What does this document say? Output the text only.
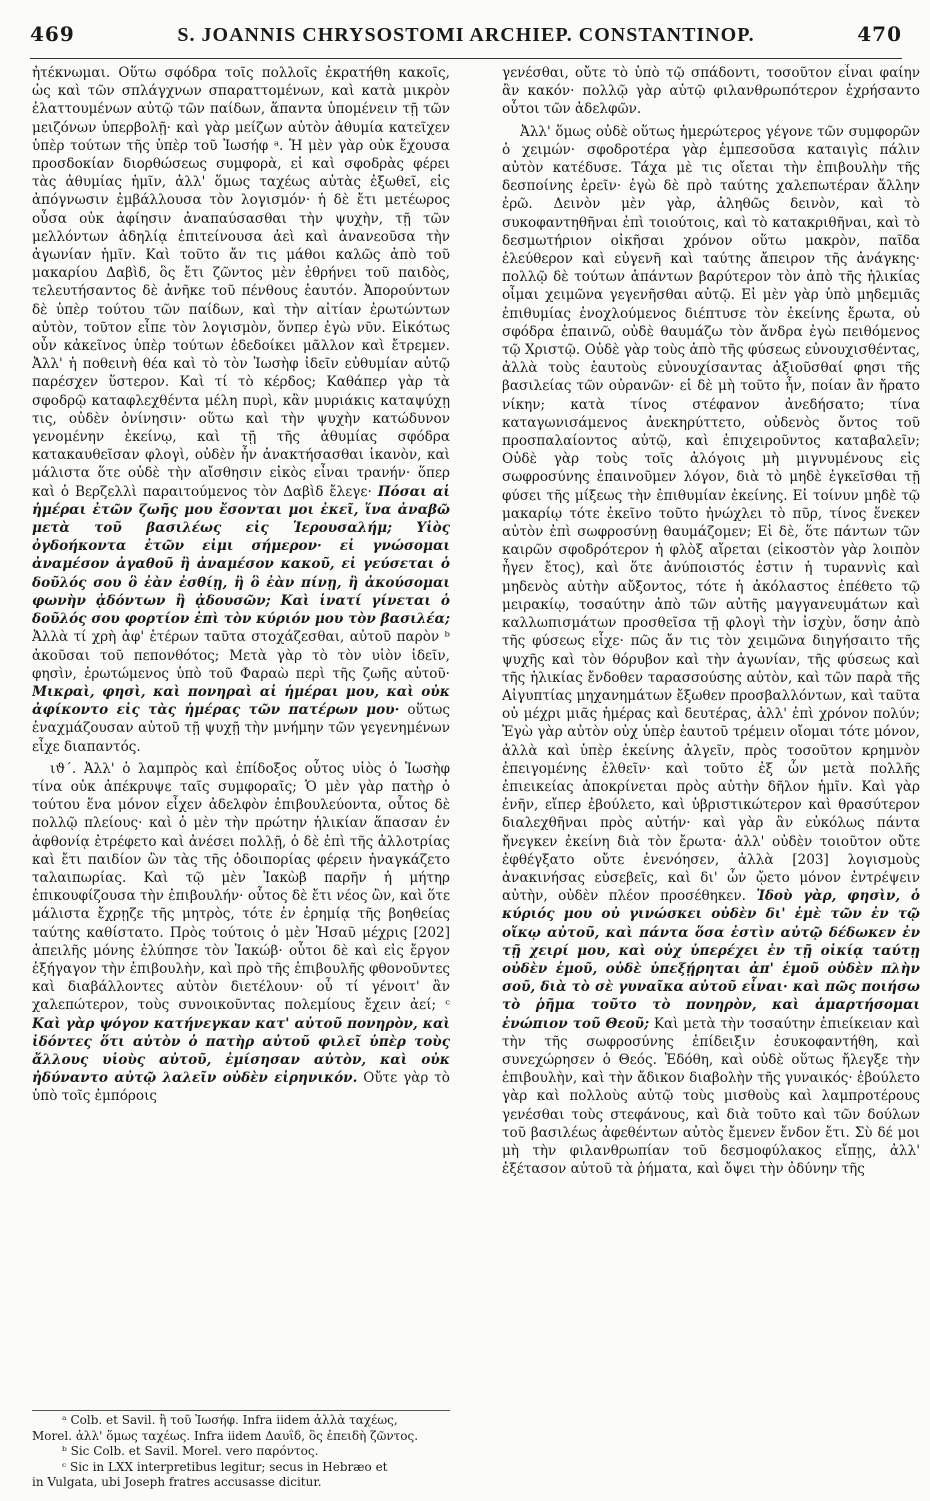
469	S. JOANNIS CHRYSOSTOMI ARCHIEP. CONSTANTINOP.	470

ἠτέκνωμαι. Οὕτω σφόδρα τοῖς πολλοῖς ἐκρατήθη κακοῖς, ὡς καὶ τῶν σπλάγχνων σπαραττομένων, καὶ κατὰ μικρὸν ἐλαττουμένων αὐτῷ τῶν παίδων, ἅπαντα ὑπομένειν τῇ τῶν μειζόνων ὑπερβολῇ· καὶ γὰρ μείζων αὐτὸν ἀθυμία κατεῖχεν ὑπὲρ τούτων τῆς ὑπὲρ τοῦ Ἰωσήφ ᵃ. Ἡ μὲν γὰρ οὐκ ἔχουσα προσδοκίαν διορθώσεως συμφορὰ, εἰ καὶ σφοδρὰς φέρει τὰς ἀθυμίας ἡμῖν, ἀλλ' ὅμως ταχέως αὐτὰς ἐξωθεῖ, εἰς ἀπόγνωσιν ἐμβάλλουσα τὸν λογισμόν· ἡ δὲ ἔτι μετέωρος οὖσα οὐκ ἀφίησιν ἀναπαύσασθαι τὴν ψυχὴν, τῇ τῶν μελλόντων ἀδηλίᾳ ἐπιτείνουσα ἀεὶ καὶ ἀνανεοῦσα τὴν ἀγωνίαν ἡμῖν. Καὶ τοῦτο ἄν τις μάθοι καλῶς ἀπὸ τοῦ μακαρίου Δαβὶδ, ὃς ἔτι ζῶντος μὲν ἐθρήνει τοῦ παιδὸς, τελευτήσαντος δὲ ἀνῆκε τοῦ πένθους ἑαυτόν. Ἀπορούντων δὲ ὑπὲρ τούτου τῶν παίδων, καὶ τὴν αἰτίαν ἐρωτώντων αὐτὸν, τοῦτον εἶπε τὸν λογισμὸν, ὅνπερ ἐγὼ νῦν. Εἰκότως οὖν κἀκεῖνος ὑπὲρ τούτων ἐδεδοίκει μᾶλλον καὶ ἔτρεμεν. Ἀλλ' ἡ ποθεινὴ θέα καὶ τὸ τὸν Ἰωσὴφ ἰδεῖν εὐθυμίαν αὐτῷ παρέσχεν ὕστερον. Καὶ τί τὸ κέρδος; Καθάπερ γὰρ τὰ σφοδρῷ καταφλεχθέντα μέλη πυρὶ, κἂν μυριάκις καταψύχῃ τις, οὐδὲν ὀνίνησιν· οὕτω καὶ τὴν ψυχὴν κατώδυνον γενομένην ἐκείνῳ, καὶ τῇ τῆς ἀθυμίας σφόδρα κατακαυθεῖσαν φλογὶ, οὐδὲν ἦν ἀνακτήσασθαι ἱκανὸν, καὶ μάλιστα ὅτε οὐδὲ τὴν αἴσθησιν εἰκὸς εἶναι τρανήν· ὅπερ καὶ ὁ Βερζελλὶ παραιτούμενος τὸν Δαβὶδ ἔλεγε· Πόσαι αἱ ἡμέραι ἐτῶν ζωῆς μου ἔσονται μοι ἐκεῖ, ἵνα ἀναβῶ μετὰ τοῦ βασιλέως εἰς Ἱερουσαλήμ; Υἱὸς ὀγδοήκοντα ἐτῶν εἰμι σήμερον· εἰ γνώσομαι ἀναμέσον ἀγαθοῦ ἢ ἀναμέσον κακοῦ, εἰ γεύσεται ὁ δοῦλός σου ὃ ἐὰν ἐσθίῃ, ἢ ὃ ἐὰν πίνῃ, ἢ ἀκούσομαι φωνὴν ᾀδόντων ἢ ᾀδουσῶν; Καὶ ἱνατί γίνεται ὁ δοῦλός σου φορτίον ἐπὶ τὸν κύριόν μου τὸν βασιλέα; Ἀλλὰ τί χρὴ ἀφ' ἑτέρων ταῦτα στοχάζεσθαι, αὐτοῦ παρὸν ᵇ ἀκοῦσαι τοῦ πεπονθότος; Μετὰ γὰρ τὸ τὸν υἱὸν ἰδεῖν, φησὶν, ἐρωτώμενος ὑπὸ τοῦ Φαραὼ περὶ τῆς ζωῆς αὐτοῦ· Μικραὶ, φησὶ, καὶ πονηραὶ αἱ ἡμέραι μου, καὶ οὐκ ἀφίκοντο εἰς τὰς ἡμέρας τῶν πατέρων μου· οὕτως ἐναχμάζουσαν αὐτοῦ τῇ ψυχῇ τὴν μνήμην τῶν γεγενημένων εἶχε διαπαντός.

ιϑ΄. Ἀλλ' ὁ λαμπρὸς καὶ ἐπίδοξος οὗτος υἱὸς ὁ Ἰωσὴφ τίνα οὐκ ἀπέκρυψε ταῖς συμφοραῖς; Ὁ μὲν γὰρ πατὴρ ὁ τούτου ἕνα μόνον εἶχεν ἀδελφὸν ἐπιβουλεύοντα, οὗτος δὲ πολλῷ πλείους· καὶ ὁ μὲν τὴν πρώτην ἡλικίαν ἅπασαν ἐν ἀφθονίᾳ ἐτρέφετο καὶ ἀνέσει πολλῇ, ὁ δὲ ἐπὶ τῆς ἀλλοτρίας καὶ ἔτι παιδίον ὢν τὰς τῆς ὁδοιπορίας φέρειν ἠναγκάζετο ταλαιπωρίας. Καὶ τῷ μὲν Ἰακὼβ παρῆν ἡ μήτηρ ἐπικουφίζουσα τὴν ἐπιβουλήν· οὗτος δὲ ἔτι νέος ὢν, καὶ ὅτε μάλιστα ἔχρῃζε τῆς μητρὸς, τότε ἐν ἐρημίᾳ τῆς βοηθείας ταύτης καθίστατο. Πρὸς τούτοις ὁ μὲν Ἡσαῦ μέχρις [202] ἀπειλῆς μόνης ἐλύπησε τὸν Ἰακώβ· οὗτοι δὲ καὶ εἰς ἔργον ἐξήγαγον τὴν ἐπιβουλὴν, καὶ πρὸ τῆς ἐπιβουλῆς φθονοῦντες καὶ διαβάλλοντες αὐτὸν διετέλουν· οὗ τί γένοιτ' ἂν χαλεπώτερον, τοὺς συνοικοῦντας πολεμίους ἔχειν ἀεί; ᶜ Καὶ γὰρ ψόγον κατήνεγκαν κατ' αὐτοῦ πονηρὸν, καὶ ἰδόντες ὅτι αὐτὸν ὁ πατὴρ αὐτοῦ φιλεῖ ὑπὲρ τοὺς ἄλλους υἱοὺς αὐτοῦ, ἐμίσησαν αὐτὸν, καὶ οὐκ ἠδύναντο αὐτῷ λαλεῖν οὐδὲν εἰρηνικόν. Οὔτε γὰρ τὸ ὑπὸ τοῖς ἐμπόροις

γενέσθαι, οὔτε τὸ ὑπὸ τῷ σπάδοντι, τοσοῦτον εἶναι φαίην ἂν κακόν· πολλῷ γὰρ αὐτῷ φιλανθρωπότερον ἐχρήσαντο οὗτοι τῶν ἀδελφῶν.

Ἀλλ' ὅμως οὐδὲ οὕτως ἡμερώτερος γέγονε τῶν συμφορῶν ὁ χειμών· σφοδροτέρα γὰρ ἐμπεσοῦσα καταιγὶς πάλιν αὐτὸν κατέδυσε. Τάχα μὲ τις οἴεται τὴν ἐπιβουλὴν τῆς δεσποίνης ἐρεῖν· ἐγὼ δὲ πρὸ ταύτης χαλεπωτέραν ἄλλην ἐρῶ. Δεινὸν μὲν γὰρ, ἀληθῶς δεινὸν, καὶ τὸ συκοφαντηθῆναι ἐπὶ τοιούτοις, καὶ τὸ κατακριθῆναι, καὶ τὸ δεσμωτήριον οἰκῆσαι χρόνον οὕτω μακρὸν, παῖδα ἐλεύθερον καὶ εὐγενῆ καὶ ταύτης ἄπειρον τῆς ἀνάγκης· πολλῷ δὲ τούτων ἁπάντων βαρύτερον τὸν ἀπὸ τῆς ἡλικίας οἶμαι χειμῶνα γεγενῆσθαι αὐτῷ. Εἰ μὲν γὰρ ὑπὸ μηδεμιᾶς ἐπιθυμίας ἐνοχλούμενος διέπτυσε τὸν ἐκείνης ἔρωτα, οὐ σφόδρα ἐπαινῶ, οὐδὲ θαυμάζω τὸν ἄνδρα ἐγὼ πειθόμενος τῷ Χριστῷ. Οὐδὲ γὰρ τοὺς ἀπὸ τῆς φύσεως εὐνουχισθέντας, ἀλλὰ τοὺς ἑαυτοὺς εὐνουχίσαντας ἀξιοῦσθαί φησι τῆς βασιλείας τῶν οὐρανῶν· εἰ δὲ μὴ τοῦτο ἦν, ποίαν ἂν ἤρατο νίκην; κατὰ τίνος στέφανον ἀνεδήσατο; τίνα καταγωνισάμενος ἀνεκηρύττετο, οὐδενὸς ὄντος τοῦ προσπαλαίοντος αὐτῷ, καὶ ἐπιχειροῦντος καταβαλεῖν; Οὐδὲ γὰρ τοὺς τοῖς ἀλόγοις μὴ μιγνυμένους εἰς σωφροσύνης ἐπαινοῦμεν λόγον, διὰ τὸ μηδὲ ἐγκεῖσθαι τῇ φύσει τῆς μίξεως τὴν ἐπιθυμίαν ἐκείνης. Εἰ τοίνυν μηδὲ τῷ μακαρίῳ τότε ἐκεῖνο τοῦτο ἠνώχλει τὸ πῦρ, τίνος ἕνεκεν αὐτὸν ἐπὶ σωφροσύνῃ θαυμάζομεν; Εἰ δὲ, ὅτε πάντων τῶν καιρῶν σφοδρότερον ἡ φλὸξ αἴρεται (εἰκοστὸν γὰρ λοιπὸν ἦγεν ἔτος), καὶ ὅτε ἀνύποιστός ἐστιν ἡ τυραννὶς καὶ μηδενὸς αὐτὴν αὔξοντος, τότε ἡ ἀκόλαστος ἐπέθετο τῷ μειρακίῳ, τοσαύτην ἀπὸ τῶν αὐτῆς μαγγανευμάτων καὶ καλλωπισμάτων προσθεῖσα τῇ φλογὶ τὴν ἰσχὺν, ὅσην ἀπὸ τῆς φύσεως εἶχε· πῶς ἄν τις τὸν χειμῶνα διηγήσαιτο τῆς ψυχῆς καὶ τὸν θόρυβον καὶ τὴν ἀγωνίαν, τῆς φύσεως καὶ τῆς ἡλικίας ἔνδοθεν ταρασσούσης αὐτὸν, καὶ τῶν παρὰ τῆς Αἰγυπτίας μηχανημάτων ἔξωθεν προσβαλλόντων, καὶ ταῦτα οὐ μέχρι μιᾶς ἡμέρας καὶ δευτέρας, ἀλλ' ἐπὶ χρόνον πολύν; Ἐγὼ γὰρ αὐτὸν οὐχ ὑπὲρ ἑαυτοῦ τρέμειν οἴομαι τότε μόνον, ἀλλὰ καὶ ὑπὲρ ἐκείνης ἀλγεῖν, πρὸς τοσοῦτον κρημνὸν ἐπειγομένης ἐλθεῖν· καὶ τοῦτο ἐξ ὧν μετὰ πολλῆς ἐπιεικείας ἀποκρίνεται πρὸς αὐτὴν δῆλον ἡμῖν. Καὶ γὰρ ἐνῆν, εἴπερ ἐβούλετο, καὶ ὑβριστικώτερον καὶ θρασύτερον διαλεχθῆναι πρὸς αὐτήν· καὶ γὰρ ἂν εὐκόλως πάντα ἤνεγκεν ἐκείνη διὰ τὸν ἔρωτα· ἀλλ' οὐδὲν τοιοῦτον οὔτε ἐφθέγξατο οὔτε ἐνενόησεν, ἀλλὰ [203] λογισμοὺς ἀνακινήσας εὐσεβεῖς, καὶ δι' ὧν ᾤετο μόνον ἐντρέψειν αὐτὴν, οὐδὲν πλέον προσέθηκεν. Ἰδοὺ γὰρ, φησὶν, ὁ κύριός μου οὐ γινώσκει οὐδὲν δι' ἐμὲ τῶν ἐν τῷ οἴκῳ αὐτοῦ, καὶ πάντα ὅσα ἐστὶν αὐτῷ δέδωκεν ἐν τῇ χειρί μου, καὶ οὐχ ὑπερέχει ἐν τῇ οἰκίᾳ ταύτῃ οὐδὲν ἐμοῦ, οὐδὲ ὑπεξῄρηται ἀπ' ἐμοῦ οὐδὲν πλὴν σοῦ, διὰ τὸ σὲ γυναῖκα αὐτοῦ εἶναι· καὶ πῶς ποιήσω τὸ ῥῆμα τοῦτο τὸ πονηρὸν, καὶ ἁμαρτήσομαι ἐνώπιον τοῦ Θεοῦ; Καὶ μετὰ τὴν τοσαύτην ἐπιείκειαν καὶ τὴν τῆς σωφροσύνης ἐπίδειξιν ἐσυκοφαντήθη, καὶ συνεχώρησεν ὁ Θεός. Ἐδόθη, καὶ οὐδὲ οὕτως ἤλεγξε τὴν ἐπιβουλὴν, καὶ τὴν ἄδικον διαβολὴν τῆς γυναικός· ἐβούλετο γὰρ καὶ πολλοὺς αὐτῷ τοὺς μισθοὺς καὶ λαμπροτέρους γενέσθαι τοὺς στεφάνους, καὶ διὰ τοῦτο καὶ τῶν δούλων τοῦ βασιλέως ἀφεθέντων αὐτὸς ἔμενεν ἔνδον ἔτι. Σὺ δέ μοι μὴ τὴν φιλανθρωπίαν τοῦ δεσμοφύλακος εἴπῃς, ἀλλ' ἐξέτασον αὐτοῦ τὰ ῥήματα, καὶ ὄψει τὴν ὀδύνην τῆς

ᵃ Colb. et Savil. ἢ τοῦ Ἰωσήφ. Infra iidem ἀλλὰ ταχέως,
Morel. ἀλλ' ὅμως ταχέως. Infra iidem Δαυῒδ, ὃς ἐπειδὴ ζῶντος.
ᵇ Sic Colb. et Savil. Morel. vero παρόντος.
ᶜ Sic in LXX interpretibus legitur; secus in Hebræo et
in Vulgata, ubi Joseph fratres accusasse dicitur.
